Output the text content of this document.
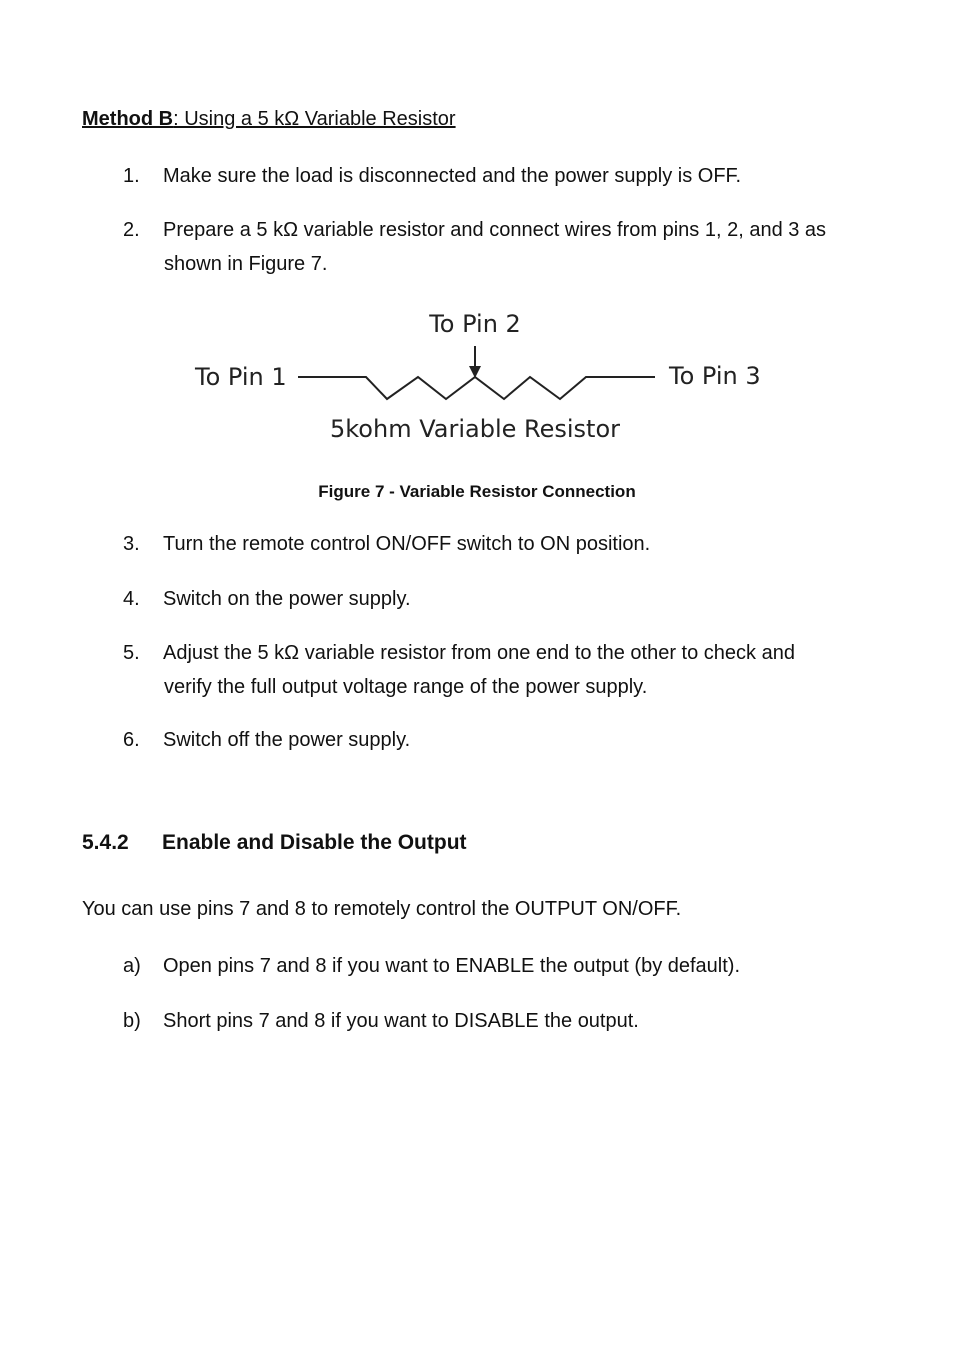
Method B: Using a 5 kΩ Variable Resistor
1. Make sure the load is disconnected and the power supply is OFF.
2. Prepare a 5 kΩ variable resistor and connect wires from pins 1, 2, and 3 as
shown in Figure 7.
To Pin 2
To Pin 1	To Pin 3
5kohm Variable Resistor
Figure 7 - Variable Resistor Connection
3. Turn the remote control ON/OFF switch to ON position.
4. Switch on the power supply.
5. Adjust the 5 kΩ variable resistor from one end to the other to check and
verify the full output voltage range of the power supply.
6. Switch off the power supply.
5.4.2 Enable and Disable the Output
You can use pins 7 and 8 to remotely control the OUTPUT ON/OFF.
a) Open pins 7 and 8 if you want to ENABLE the output (by default).
b) Short pins 7 and 8 if you want to DISABLE the output.
